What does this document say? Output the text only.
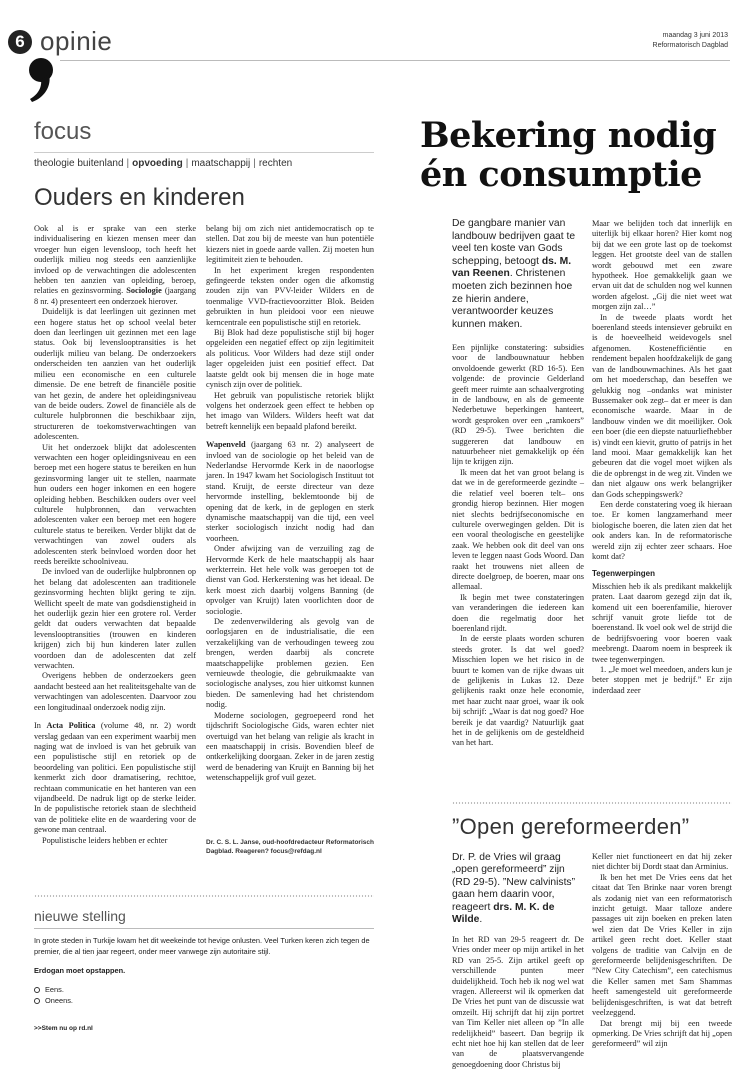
6 opinie	maandag 3 juni 2013
Reformatorisch Dagblad
focus
theologie buitenland | opvoeding | maatschappij | rechten
Ouders en kinderen

Ook al is er sprake van een sterke individualisering en kiezen mensen meer dan vroeger hun eigen levensloop, toch heeft het ouderlijk milieu nog steeds een aanzienlijke invloed op de verwachtingen die adolescenten hebben ten aanzien van opleiding, beroep, relaties en gezinsvorming. Sociologie (jaargang 8 nr. 4) presenteert een onderzoek hierover.

Duidelijk is dat leerlingen uit gezinnen met een hogere status het op school veelal beter doen dan leerlingen uit gezinnen met een lage status. Ook bij levenslooptransities is het ouderlijk milieu van belang. De onderzoekers onderscheiden ten aanzien van het ouderlijk milieu een economische en een culturele dimensie. De ene betreft de financiële positie van het gezin, de andere het opleidingsniveau van de beide ouders. Zowel de financiële als de culturele hulpbronnen die beschikbaar zijn, structureren de toekomstverwachtingen van adolescenten.

Uit het onderzoek blijkt dat adolescenten verwachten een hoger opleidingsniveau en een beroep met een hogere status te bereiken en hun gezinsvorming langer uit te stellen, naarmate hun ouders een hoger inkomen en een hogere opleiding hebben. Beschikken ouders over veel culturele hulpbronnen, dan verwachten adolescenten vaker een beroep met een hogere culturele status te bereiken. Verder blijkt dat de verwachtingen van zowel ouders als adolescenten sterk beïnvloed worden door het reeds bereikte schoolniveau.

De invloed van de ouderlijke hulpbronnen op het belang dat adolescenten aan traditionele gezinsvorming hechten blijkt gering te zijn. Wellicht speelt de mate van godsdienstigheid in het ouderlijk gezin hier een grotere rol. Verder geldt dat ouders verwachten dat bepaalde levenslooptransities (trouwen en kinderen krijgen) zich bij hun kinderen later zullen voordoen dan de adolescenten dat zelf verwachten.

Overigens hebben de onderzoekers geen aandacht besteed aan het realiteitsgehalte van de verwachtingen van adolescenten. Daarvoor zou een longitudinaal onderzoek nodig zijn.

In Acta Politica (volume 48, nr. 2) wordt verslag gedaan van een experiment waarbij men naging wat de invloed is van het gebruik van een populistische stijl en retoriek op de beoordeling van politici. Een populistische stijl kenmerkt zich door dramatisering, rechttoe, rechtaan communicatie en het hanteren van een vijandbeeld. De nadruk ligt op de sterke leider. In de populistische retoriek staan de slechtheid van de politieke elite en de waardering voor de gewone man centraal.

Populistische leiders hebben er echter

belang bij om zich niet antidemocratisch op te stellen. Dat zou bij de meeste van hun potentiële kiezers niet in goede aarde vallen. Zij moeten hun legitimiteit zien te behouden.

In het experiment kregen respondenten gefingeerde teksten onder ogen die afkomstig zouden zijn van PVV-leider Wilders en de toenmalige VVD-fractievoorzitter Blok. Beiden gebruikten in hun pleidooi voor een nieuwe kerncentrale een populistische stijl en retoriek.

Bij Blok had deze populistische stijl bij hoger opgeleiden een negatief effect op zijn legitimiteit als politicus. Voor Wilders had deze stijl onder lager opgeleiden juist een positief effect. Dat laatste geldt ook bij mensen die in hoge mate cynisch zijn over de politiek.

Het gebruik van populistische retoriek blijkt volgens het onderzoek geen effect te hebben op het imago van Wilders. Wilders heeft wat dat betreft kennelijk een bepaald plafond bereikt.

Wapenveld (jaargang 63 nr. 2) analyseert de invloed van de sociologie op het beleid van de Nederlandse Hervormde Kerk in de naoorlogse jaren. In 1947 kwam het Sociologisch Instituut tot stand. Kruijt, de eerste directeur van deze hervormde instelling, beklemtoonde bij de opening dat de kerk, in de geplogen en sterk dynamische maatschappij van die tijd, een veel sterker sociologisch inzicht nodig had dan voorheen.

Onder afwijzing van de verzuiling zag de Hervormde Kerk de hele maatschappij als haar werkterrein. Het hele volk was geroepen tot de dienst van God. Herkerstening was het ideaal. De kerk moest zich daarbij volgens Banning (de opvolger van Kruijt) laten voorlichten door de sociologie.

De zedenverwildering als gevolg van de oorlogsjaren en de industrialisatie, die een verzakelijking van de verhoudingen teweeg zou brengen, werden daarbij als concrete maatschappelijke problemen gezien. Een vernieuwde theologie, die gebruikmaakte van sociologische analyses, zou hier uitkomst kunnen bieden. De samenleving had het christendom nodig.

Moderne sociologen, gegroepeerd rond het tijdschrift Sociologische Gids, waren echter niet overtuigd van het belang van religie als kracht in een maatschappij in crisis. Bovendien bleef de ontkerkelijking doorgaan. Zeker in de jaren zestig werd de benadering van Kruijt en Banning bij het wetenschappelijk grof vuil gezet.

Dr. C. S. L. Janse, oud-hoofdredacteur Reformatorisch Dagblad. Reageren? focus@refdag.nl
nieuwe stelling
In grote steden in Turkije kwam het dit weekeinde tot hevige onlusten. Veel Turken keren zich tegen de premier, die al tien jaar regeert, onder meer vanwege zijn autoritaire stijl.
Erdogan moet opstappen.
Eens.
Oneens.
>>Stem nu op rd.nl
Bekering nodig én consumptie
De gangbare manier van landbouw bedrijven gaat te veel ten koste van Gods schepping, betoogt ds. M. van Reenen. Christenen moeten zich bezinnen hoe ze hierin andere, verantwoorder keuzes kunnen maken.

Een pijnlijke constatering: subsidies voor de landbouwnatuur hebben onvoldoende gewerkt (RD 16-5). Een volgende: de provincie Gelderland geeft meer ruimte aan schaalvergroting in de landbouw, en als de gemeente Nederbetuwe beperkingen hanteert, wordt gesproken over een „ramkoers” (RD 29-5). Twee berichten die suggereren dat landbouw en natuurbeheer niet gemakkelijk op één lijn te krijgen zijn.

Ik meen dat het van groot belang is dat we in de gereformeerde gezindte –die relatief veel boeren telt– ons grondig hierop bezinnen. Hier mogen niet slechts bedrijfseconomische en culturele overwegingen gelden. Dit is een vooral theologische en geestelijke zaak. We hebben ook dit deel van ons leven te leggen naast Gods Woord. Dan raakt het trouwens niet alleen de directe doelgroep, de boeren, maar ons allemaal.

Ik begin met twee constateringen van veranderingen die iedereen kan doen die regelmatig door het boerenland rijdt.

In de eerste plaats worden schuren steeds groter. Is dat wel goed? Misschien lopen we het risico in de buurt te komen van de rijke dwaas uit de gelijkenis in Lukas 12. Deze gelijkenis raakt onze hele economie, met haar zucht naar groei, waar ik ook bij schrijf: „Waar is dat nog goed? Hoe bereik je dat vaardig? Natuurlijk gaat het in de gelijkenis om de gesteldheid van het hart.

Maar we belijden toch dat innerlijk en uiterlijk bij elkaar horen? Hier komt nog bij dat we een grote last op de toekomst leggen. Het grootste deel van de stallen wordt gebouwd met een zware hypotheek. Hoe gemakkelijk gaan we ervan uit dat de schulden nog wel kunnen worden afgelost. „Gij die niet weet wat morgen zijn zal…”

In de tweede plaats wordt het boerenland steeds intensiever gebruikt en is de hoeveelheid weidevogels snel afgenomen. Kostenefficiëntie en rendement bepalen hoofdzakelijk de gang van de landbouwmachines. Als het gaat om het moederschap, dan beseffen we gelukkig nog –ondanks wat minister Bussemaker ook zegt– dat er meer is dan economische waarde. Maar in de landbouw vinden we dit moeilijker. Ook een boer (die een diepste natuurliefhebber is) vindt een kievit, grutto of patrijs in het land mooi. Maar gemakkelijk kan het gebeuren dat die vogel moet wijken als die de opbrengst in de weg zit. Vinden we dan niet algauw ons werk belangrijker dan Gods scheppingswerk?

Een derde constatering voeg ik hieraan toe. Er komen langzamerhand meer biologische boeren, die laten zien dat het ook anders kan. In de reformatorische wereld zijn zij echter zeer schaars. Hoe komt dat?

Tegenwerpingen

Misschien heb ik als predikant makkelijk praten. Laat daarom gezegd zijn dat ik, komend uit een boerenfamilie, hierover schrijf vanuit grote liefde tot de boerenstand. Ik voel ook wel de strijd die de bedrijfsvoering voor boeren vaak meebrengt. Daarom noem in bespreek ik twee tegenwerpingen.

1. „Je moet wel meedoen, anders kun je beter stoppen met je bedrijf.” Er zijn inderdaad zeer

”Open gereformeerden”
Dr. P. de Vries wil graag „open gereformeerd” zijn (RD 29-5). ”New calvinists” gaan hem daarin voor, reageert drs. M. K. de Wilde.

In het RD van 29-5 reageert dr. De Vries onder meer op mijn artikel in het RD van 25-5. Zijn artikel geeft op verschillende punten meer duidelijkheid. Toch heb ik nog wel wat vragen. Allereerst wil ik opmerken dat De Vries het punt van de discussie wat omzeilt. Hij schrijft dat hij zijn portret van Tim Keller niet alleen op ”In alle redelijkheid” baseert. Dan begrijp ik echt niet hoe hij kan stellen dat de leer van de plaatsvervangende genoegdoening door Christus bij

Keller niet functioneert en dat hij zeker niet dichter bij Dordt staat dan Arminius.

Ik ben het met De Vries eens dat het citaat dat Ten Brinke naar voren brengt als zodanig niet van een reformatorisch inzicht getuigt. Maar talloze andere passages uit zijn boeken en preken laten wel zien dat De Vries Keller in zijn artikel geen recht doet. Keller staat volgens de traditie van Calvijn en de gereformeerde belijdenisgeschriften. De ”New City Catechism”, een catechismus die Keller samen met Sam Shammas heeft samengesteld uit gereformeerde belijdenisgeschriften, is wat dat betreft veelzeggend.

Dat brengt mij bij een tweede opmerking. De Vries schrijft dat hij „open gereformeerd” wil zijn
